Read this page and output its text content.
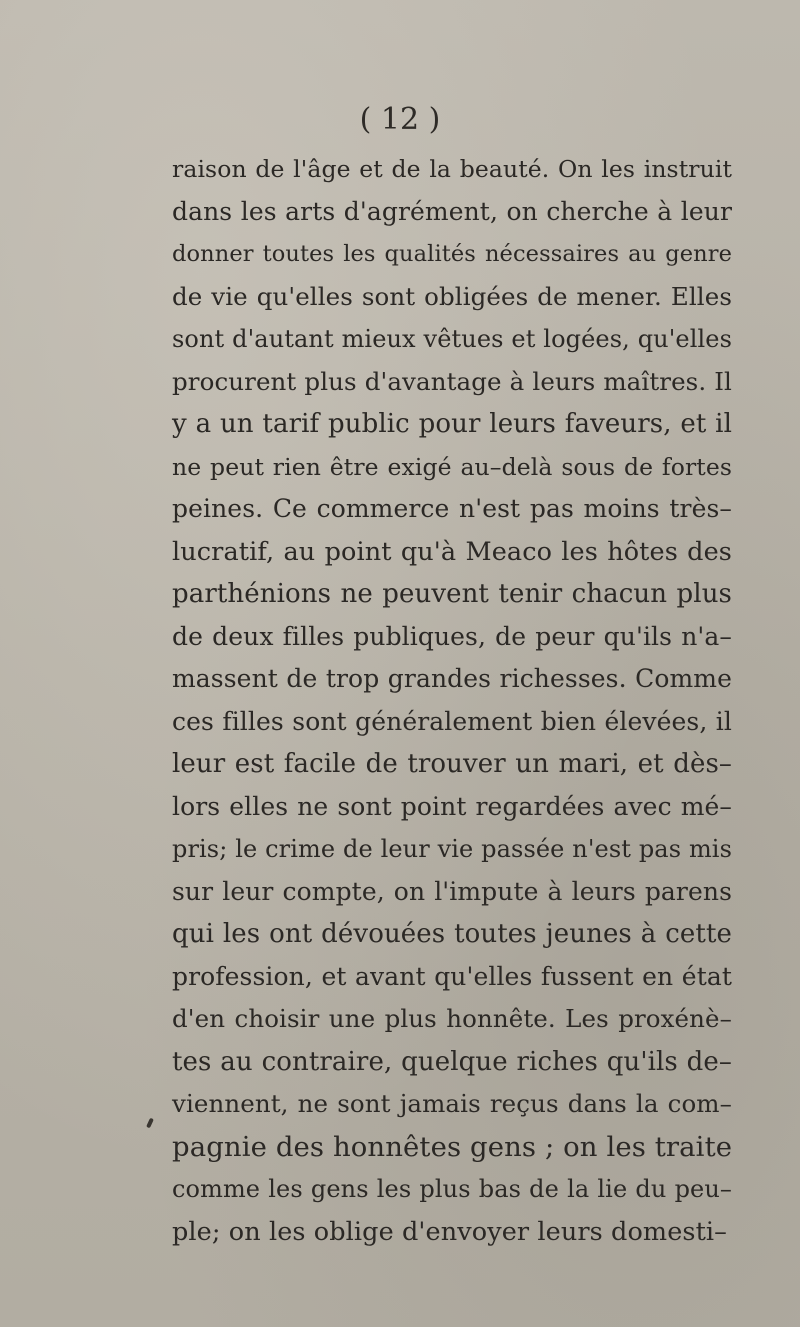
( 12 )
raison de l'âge et de la beauté. On les instruit
dans les arts d'agrément, on cherche à leur
donner toutes les qualités nécessaires au genre
de vie qu'elles sont obligées de mener. Elles
sont d'autant mieux vêtues et logées, qu'elles
procurent plus d'avantage à leurs maîtres. Il
y a un tarif public pour leurs faveurs, et il
ne peut rien être exigé au–delà sous de fortes
peines. Ce commerce n'est pas moins très–
lucratif, au point qu'à Meaco les hôtes des
parthénions ne peuvent tenir chacun plus
de deux filles publiques, de peur qu'ils n'a–
massent de trop grandes richesses. Comme
ces filles sont généralement bien élevées, il
leur est facile de trouver un mari, et dès–
lors elles ne sont point regardées avec mé–
pris; le crime de leur vie passée n'est pas mis
sur leur compte, on l'impute à leurs parens
qui les ont dévouées toutes jeunes à cette
profession, et avant qu'elles fussent en état
d'en choisir une plus honnête. Les proxénè–
tes au contraire, quelque riches qu'ils de–
viennent, ne sont jamais reçus dans la com–
pagnie des honnêtes gens ; on les traite
comme les gens les plus bas de la lie du peu–
ple; on les oblige d'envoyer leurs domesti–
